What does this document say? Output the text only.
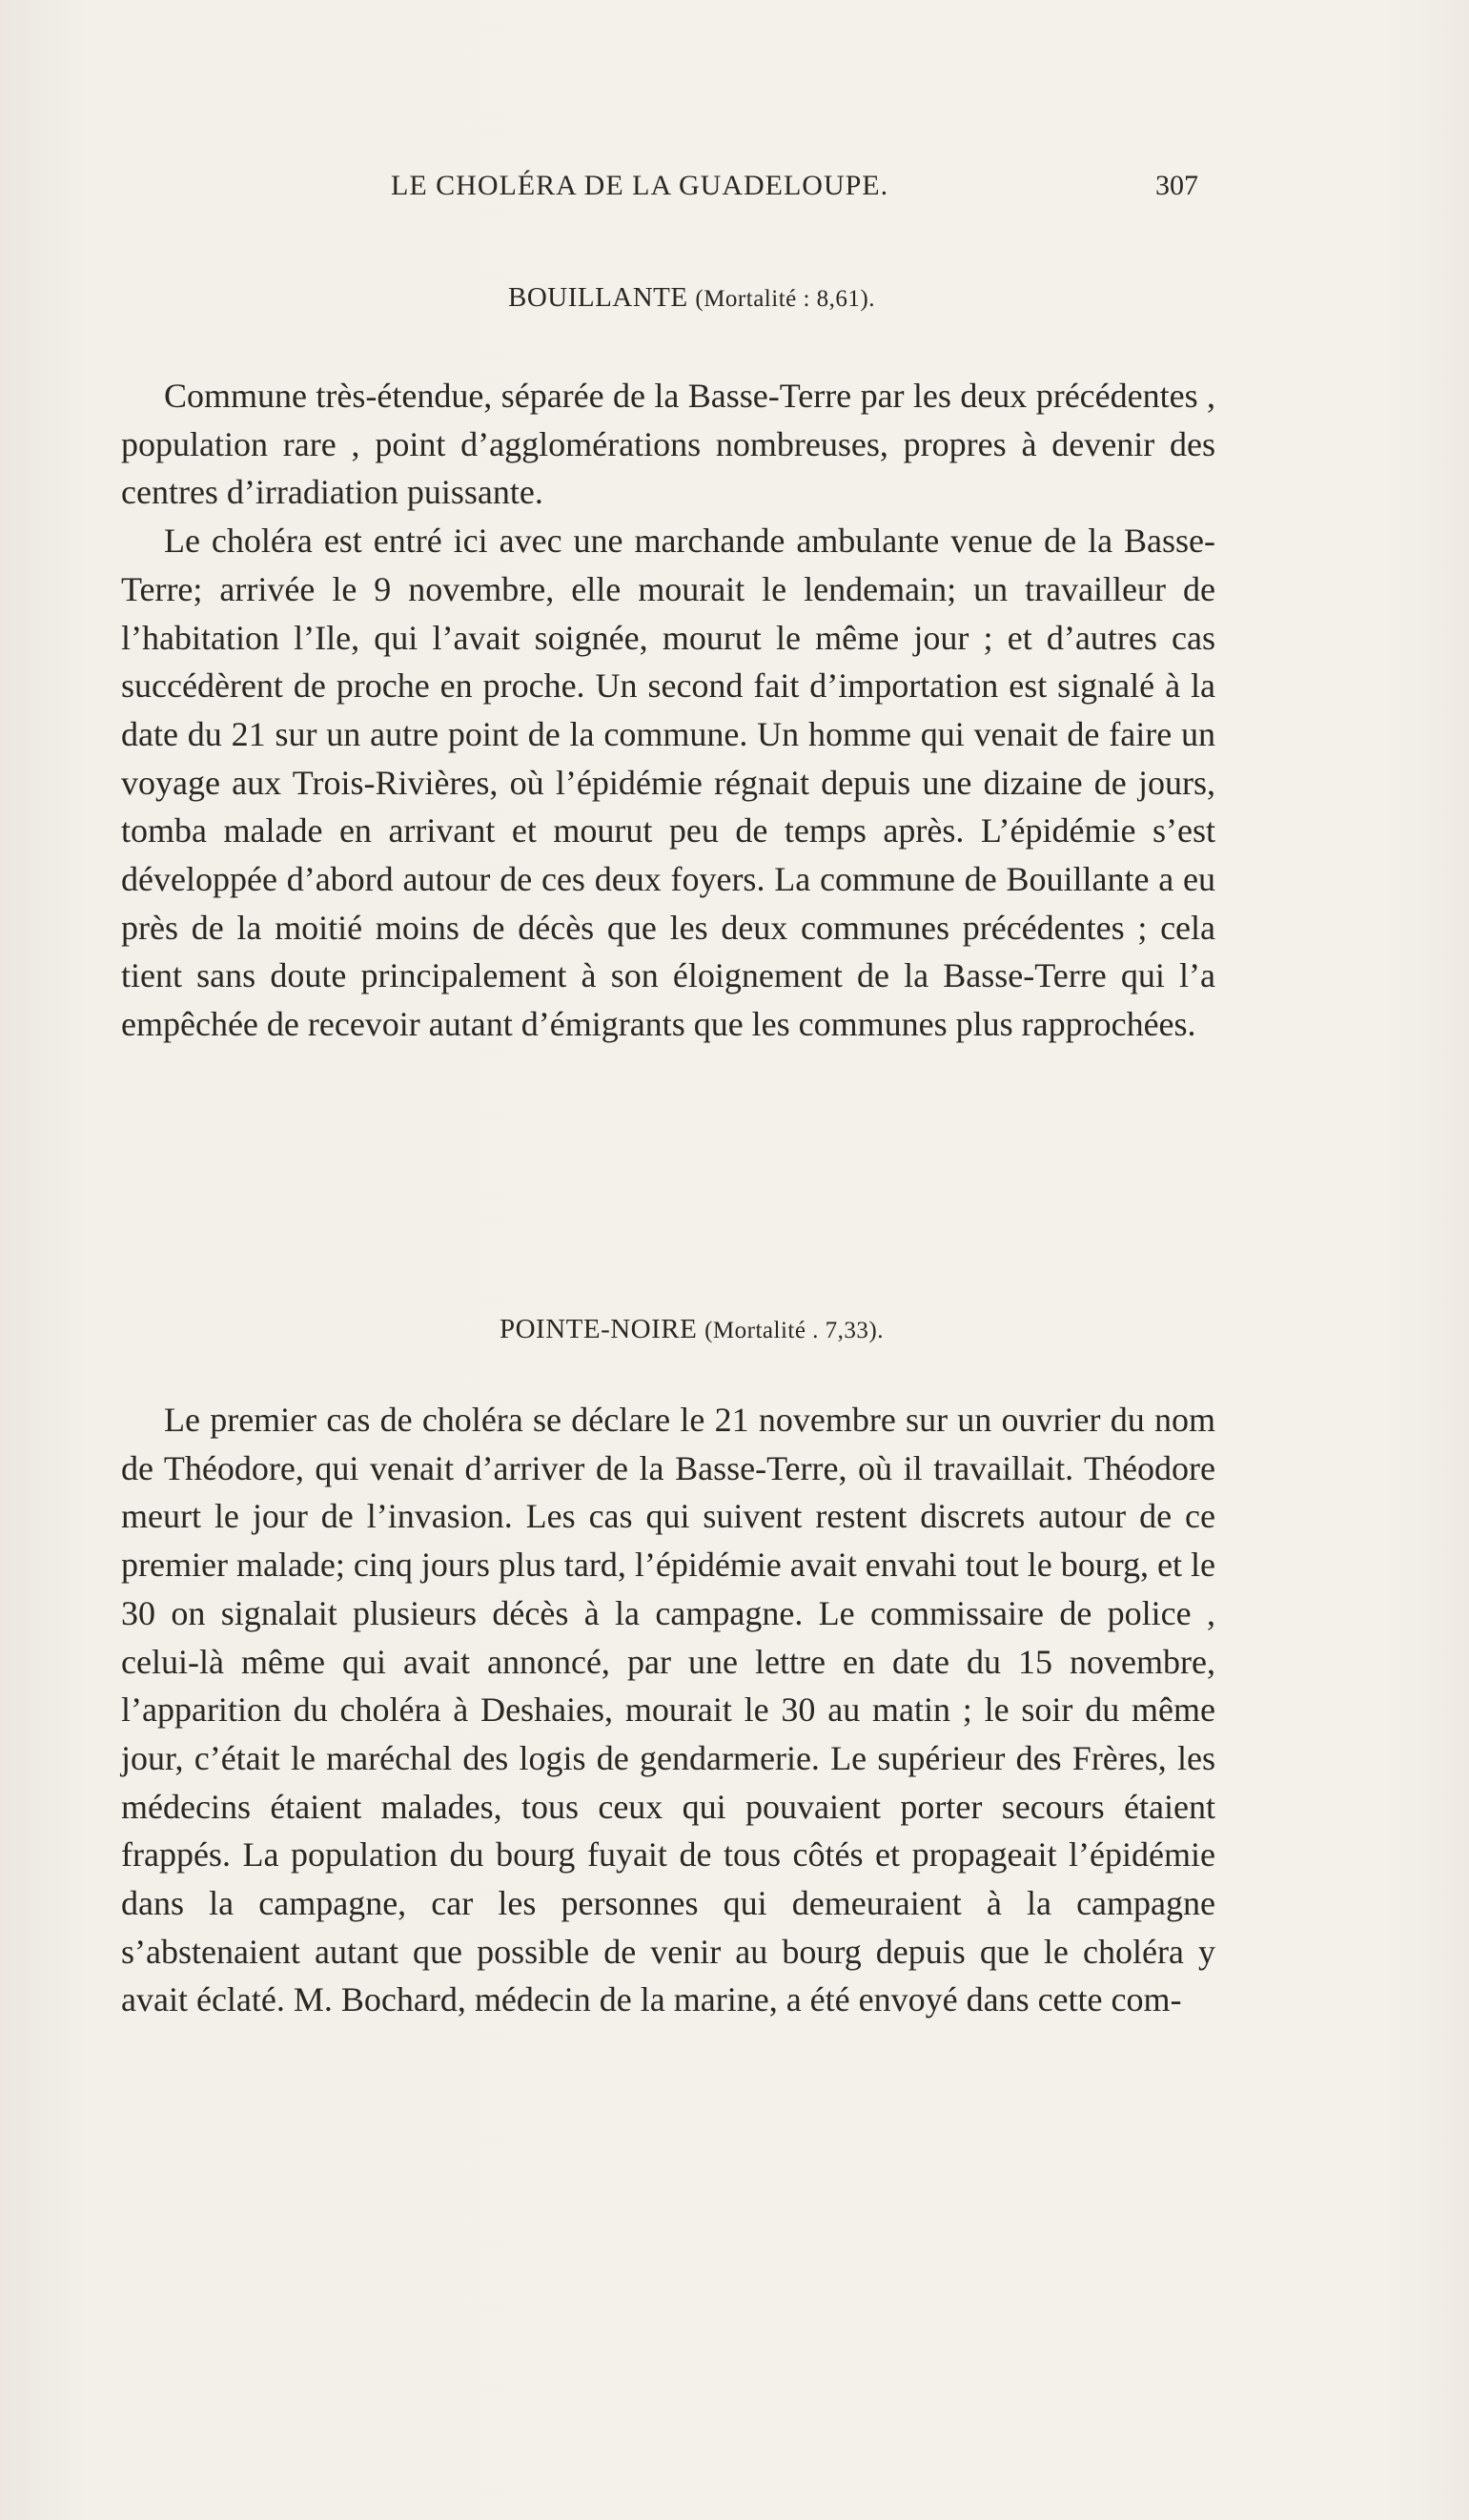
LE CHOLÉRA DE LA GUADELOUPE.	307
BOUILLANTE (Mortalité : 8,61).

Commune très-étendue, séparée de la Basse-Terre par les deux précédentes , population rare , point d’agglomérations nombreuses, propres à devenir des centres d’irradiation puissante.

Le choléra est entré ici avec une marchande ambulante venue de la Basse-Terre; arrivée le 9 novembre, elle mourait le lendemain; un travailleur de l’habitation l’Ile, qui l’avait soignée, mourut le même jour ; et d’autres cas succédèrent de proche en proche. Un second fait d’importation est signalé à la date du 21 sur un autre point de la commune. Un homme qui venait de faire un voyage aux Trois-Rivières, où l’épidémie régnait depuis une dizaine de jours, tomba malade en arrivant et mourut peu de temps après. L’épidémie s’est développée d’abord autour de ces deux foyers. La commune de Bouillante a eu près de la moitié moins de décès que les deux communes précédentes ; cela tient sans doute principalement à son éloignement de la Basse-Terre qui l’a empêchée de recevoir autant d’émigrants que les communes plus rapprochées.

POINTE-NOIRE (Mortalité . 7,33).

Le premier cas de choléra se déclare le 21 novembre sur un ouvrier du nom de Théodore, qui venait d’arriver de la Basse-Terre, où il travaillait. Théodore meurt le jour de l’invasion. Les cas qui suivent restent discrets autour de ce premier malade; cinq jours plus tard, l’épidémie avait envahi tout le bourg, et le 30 on signalait plusieurs décès à la campagne. Le commissaire de police , celui-là même qui avait annoncé, par une lettre en date du 15 novembre, l’apparition du choléra à Deshaies, mourait le 30 au matin ; le soir du même jour, c’était le maréchal des logis de gendarmerie. Le supérieur des Frères, les médecins étaient malades, tous ceux qui pouvaient porter secours étaient frappés. La population du bourg fuyait de tous côtés et propageait l’épidémie dans la campagne, car les personnes qui demeuraient à la campagne s’abstenaient autant que possible de venir au bourg depuis que le choléra y avait éclaté. M. Bochard, médecin de la marine, a été envoyé dans cette com-
